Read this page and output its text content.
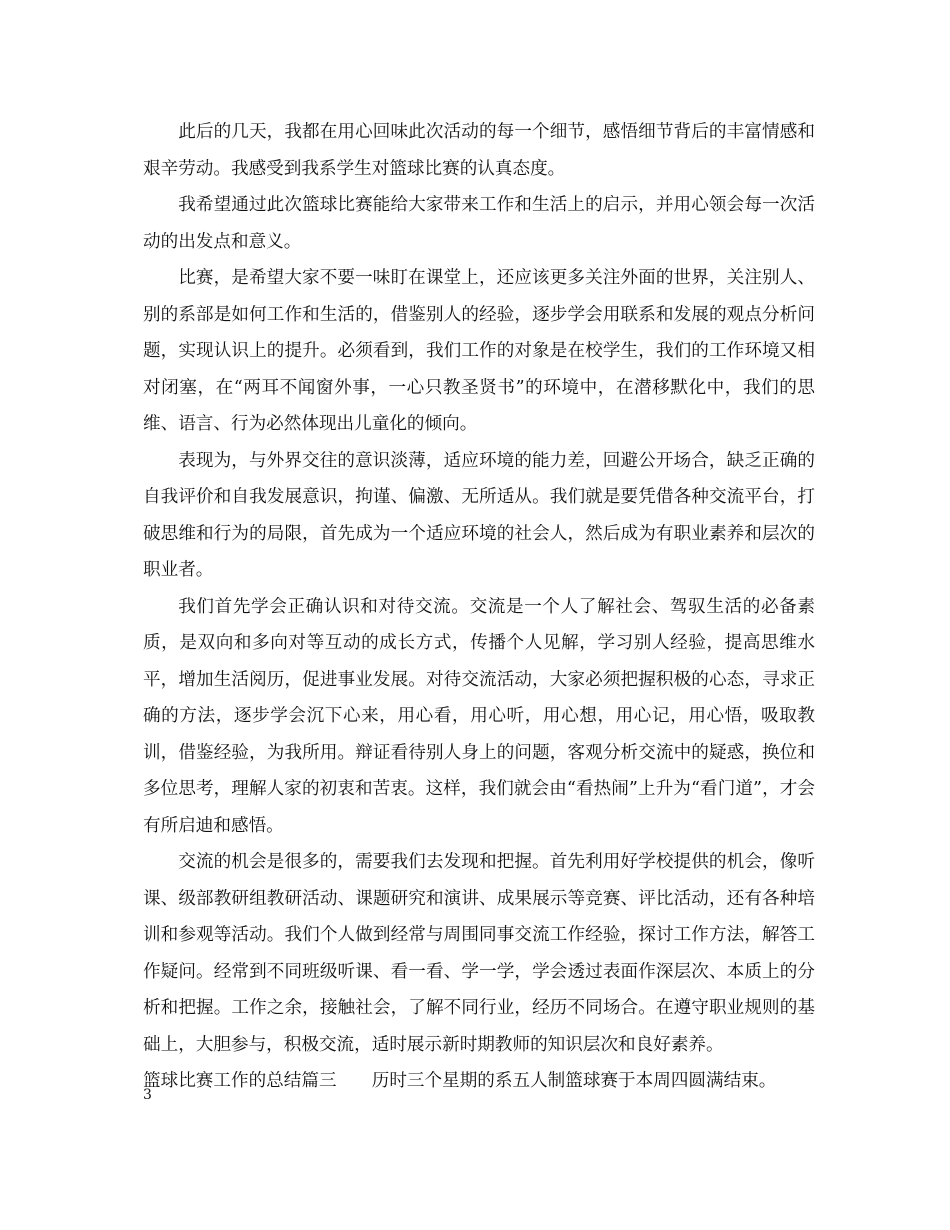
此后的几天，我都在用心回味此次活动的每一个细节，感悟细节背后的丰富情感和艰辛劳动。我感受到我系学生对篮球比赛的认真态度。

我希望通过此次篮球比赛能给大家带来工作和生活上的启示，并用心领会每一次活动的出发点和意义。

比赛，是希望大家不要一味盯在课堂上，还应该更多关注外面的世界，关注别人、别的系部是如何工作和生活的，借鉴别人的经验，逐步学会用联系和发展的观点分析问题，实现认识上的提升。必须看到，我们工作的对象是在校学生，我们的工作环境又相对闭塞，在“两耳不闻窗外事，一心只教圣贤书”的环境中，在潜移默化中，我们的思维、语言、行为必然体现出儿童化的倾向。

表现为，与外界交往的意识淡薄，适应环境的能力差，回避公开场合，缺乏正确的自我评价和自我发展意识，拘谨、偏激、无所适从。我们就是要凭借各种交流平台，打破思维和行为的局限，首先成为一个适应环境的社会人，然后成为有职业素养和层次的职业者。

我们首先学会正确认识和对待交流。交流是一个人了解社会、驾驭生活的必备素质，是双向和多向对等互动的成长方式，传播个人见解，学习别人经验，提高思维水平，增加生活阅历，促进事业发展。对待交流活动，大家必须把握积极的心态，寻求正确的方法，逐步学会沉下心来，用心看，用心听，用心想，用心记，用心悟，吸取教训，借鉴经验，为我所用。辩证看待别人身上的问题，客观分析交流中的疑惑，换位和多位思考，理解人家的初衷和苦衷。这样，我们就会由“看热闹”上升为“看门道”，才会有所启迪和感悟。

交流的机会是很多的，需要我们去发现和把握。首先利用好学校提供的机会，像听课、级部教研组教研活动、课题研究和演讲、成果展示等竞赛、评比活动，还有各种培训和参观等活动。我们个人做到经常与周围同事交流工作经验，探讨工作方法，解答工作疑问。经常到不同班级听课、看一看、学一学，学会透过表面作深层次、本质上的分析和把握。工作之余，接触社会，了解不同行业，经历不同场合。在遵守职业规则的基础上，大胆参与，积极交流，适时展示新时期教师的知识层次和良好素养。

篮球比赛工作的总结篇三　　历时三个星期的系五人制篮球赛于本周四圆满结束。

3
